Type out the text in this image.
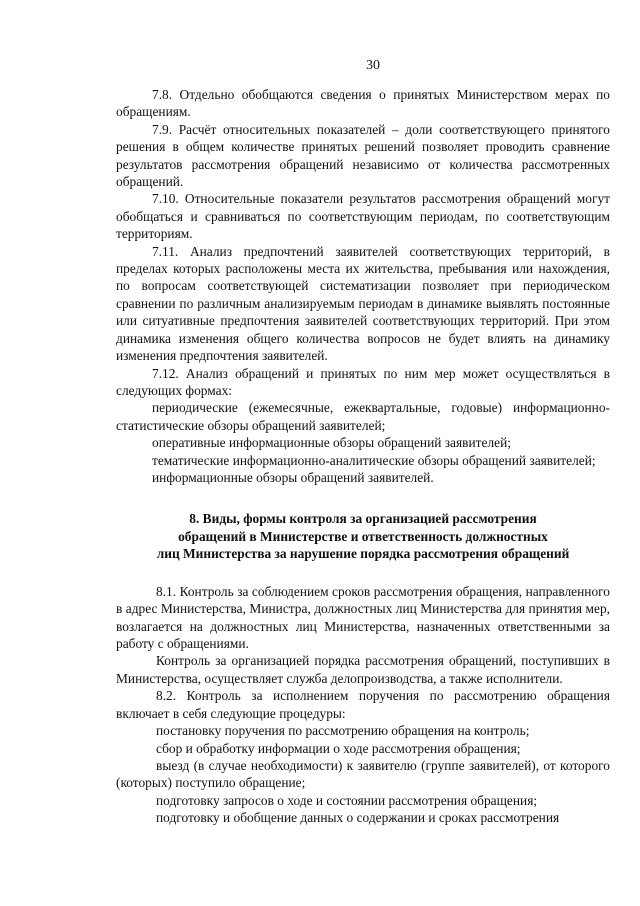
30

7.8. Отдельно обобщаются сведения о принятых Министерством мерах по обращениям.

7.9. Расчёт относительных показателей – доли соответствующего принятого решения в общем количестве принятых решений позволяет проводить сравнение результатов рассмотрения обращений независимо от количества рассмотренных обращений.

7.10. Относительные показатели результатов рассмотрения обращений могут обобщаться и сравниваться по соответствующим периодам, по соответствующим территориям.

7.11. Анализ предпочтений заявителей соответствующих территорий, в пределах которых расположены места их жительства, пребывания или нахождения, по вопросам соответствующей систематизации позволяет при периодическом сравнении по различным анализируемым периодам в динамике выявлять постоянные или ситуативные предпочтения заявителей соответствующих территорий. При этом динамика изменения общего количества вопросов не будет влиять на динамику изменения предпочтения заявителей.

7.12. Анализ обращений и принятых по ним мер может осуществляться в следующих формах:

периодические (ежемесячные, ежеквартальные, годовые) информационно-статистические обзоры обращений заявителей;

оперативные информационные обзоры обращений заявителей;

тематические информационно-аналитические обзоры обращений заявителей;

информационные обзоры обращений заявителей.

8. Виды, формы контроля за организацией рассмотрения
обращений в Министерстве и ответственность должностных
лиц Министерства за нарушение порядка рассмотрения обращений

8.1. Контроль за соблюдением сроков рассмотрения обращения, направленного в адрес Министерства, Министра, должностных лиц Министерства для принятия мер, возлагается на должностных лиц Министерства, назначенных ответственными за работу с обращениями.

Контроль за организацией порядка рассмотрения обращений, поступивших в Министерства, осуществляет служба делопроизводства, а также исполнители.

8.2. Контроль за исполнением поручения по рассмотрению обращения включает в себя следующие процедуры:

постановку поручения по рассмотрению обращения на контроль;

сбор и обработку информации о ходе рассмотрения обращения;

выезд (в случае необходимости) к заявителю (группе заявителей), от которого (которых) поступило обращение;

подготовку запросов о ходе и состоянии рассмотрения обращения;

подготовку и обобщение данных о содержании и сроках рассмотрения
